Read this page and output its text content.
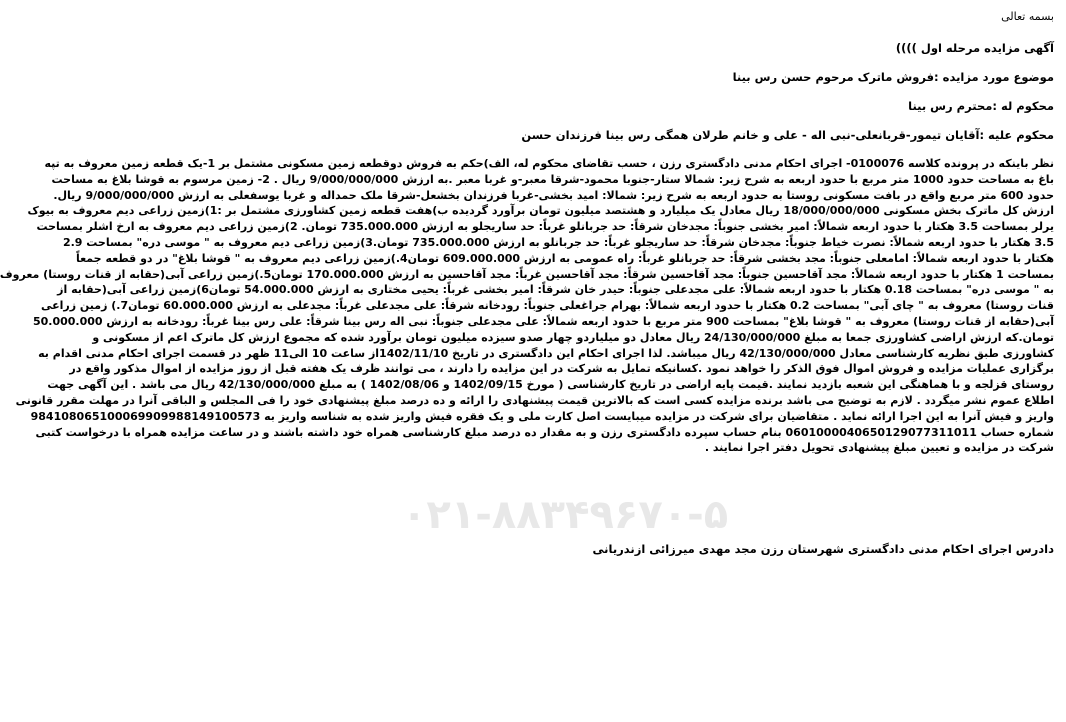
بسمه تعالی
آگهی مزایده مرحله اول ))))
موضوع مورد مزایده :فروش ماترک مرحوم حسن رس بینا
محکوم له :محترم رس بینا
محکوم علیه :آقایان تیمور-قربانعلی-نبی اله - علی و خانم طرلان همگی رس بینا فرزندان حسن
۰۲۱-۸۸۳۴۹۶۷۰-۵
نظر باینکه در پرونده کلاسه 0100076- اجرای احکام مدنی دادگستری رزن ، حسب تقاضای محکوم له، الف)حکم به فروش دوقطعه زمین مسکونی مشتمل بر 1-یک قطعه زمین معروف به تپه
باغ به مساحت حدود 1000 متر مربع با حدود اربعه به شرح زیر: شمالا ستار-جنوبا محمود-شرقا معبر-و غربا معبر .به ارزش 9/000/000/000 ریال . 2- زمین مرسوم به قوشا بلاغ به مساحت
حدود 600 متر مربع واقع در بافت مسکونی روستا به حدود اربعه به شرح زیر: شمالا: امید بخشی-غربا فرزندان بخشعل-شرقا ملک حمداله و غربا یوسفعلی به ارزش 9/000/000/000 ریال.
ارزش کل ماترک بخش مسکونی 18/000/000/000 ریال معادل یک میلیارد و هشتصد میلیون تومان برآورد گردیده ب)هفت قطعه زمین کشاورزی مشتمل بر :1)زمین زراعی دیم معروف به بیوک
یرلر بمساحت 3.5 هکتار با حدود اربعه شمالاً: امیر بخشی جنوباً: مجدخان شرقاً: حد جربانلو غرباً: حد ساریجلو به ارزش 735.000.000 تومان. 2)زمین زراعی دیم معروف به ارخ اشلر بمساحت
3.5 هکتار با حدود اربعه شمالاً: نصرت خیاط جنوباً: مجدخان شرقاً: حد ساریجلو غرباً: حد جربانلو به ارزش 735.000.000 تومان.3)زمین زراعی دیم معروف به " موسی دره" بمساحت 2.9
هکتار با حدود اربعه شمالاً: امامعلی جنوباً: مجد بخشی شرقاً: حد جربانلو غرباً: راه عمومی به ارزش 609.000.000 تومان4.)زمین زراعی دیم معروف به " قوشا بلاغ" در دو قطعه جمعاً
بمساحت 1 هکتار با حدود اربعه شمالاً: مجد آقاحسین جنوباً: مجد آقاحسین شرقاً: مجد آقاحسین غرباً: مجد آقاحسین به ارزش 170.000.000 تومان5.)زمین زراعی آبی(حقابه از قنات روستا) معروف
به " موسی دره" بمساحت 0.18 هکتار با حدود اربعه شمالاً: علی مجدعلی جنوباً: حیدر خان شرقاً: امیر بخشی غرباً: یحیی مختاری به ارزش 54.000.000 تومان6)زمین زراعی آبی(حقابه از
قنات روستا) معروف به " چای آبی" بمساحت 0.2 هکتار با حدود اربعه شمالاً: بهرام جراغعلی جنوباً: رودخانه شرقاً: علی مجدعلی غرباً: مجدعلی به ارزش 60.000.000 تومان7.) زمین زراعی
آبی(حقابه از قنات روستا) معروف به " قوشا بلاغ" بمساحت 900 متر مربع با حدود اربعه شمالاً: علی مجدعلی جنوباً: نبی اله رس بینا شرقاً: علی رس بینا غرباً: رودخانه به ارزش 50.000.000
تومان.که ارزش اراضی کشاورزی جمعا به مبلغ 24/130/000/000 ریال معادل دو میلیاردو چهار صدو سیزده میلیون تومان برآورد شده که مجموع ارزش کل ماترک اعم از مسکونی و
کشاورزی طبق نظریه کارشناسی معادل 42/130/000/000 ریال میباشد. لذا اجرای احکام این دادگستری در تاریخ 1402/11/10از ساعت 10 الی11 ظهر در قسمت اجرای احکام مدنی اقدام به
برگزاری عملیات مزایده و فروش اموال فوق الذکر را خواهد نمود .کسانیکه تمایل به شرکت در این مزایده را دارند ، می توانند ظرف یک هفته قبل از روز مزایده از اموال مذکور واقع در
روستای قزلجه و با هماهنگی این شعبه بازدید نمایند .قیمت پایه اراضی در تاریخ کارشناسی ( مورخ 1402/09/15 و 1402/08/06 ) به مبلغ 42/130/000/000 ریال می باشد . این آگهی جهت
اطلاع عموم نشر میگردد . لازم به توضیح می باشد برنده مزایده کسی است که بالاترین قیمت پیشنهادی را ارائه و ده درصد مبلغ پیشنهادی خود را فی المجلس و الباقی آنرا در مهلت مقرر قانونی
واریز و فیش آنرا به این اجرا ارائه نماید . متقاضیان برای شرکت در مزایده میبایست اصل کارت ملی و یک فقره فیش واریز شده به شناسه واریز به 984108065100069909988149100573
شماره حساب 0601000040650129077311011 بنام حساب سپرده دادگستری رزن و به مقدار ده درصد مبلغ کارشناسی همراه خود داشته باشند و در ساعت مزایده همراه با درخواست کتبی
شرکت در مزایده و تعیین مبلغ پیشنهادی تحویل دفتر اجرا نمایند .
دادرس اجرای احکام مدنی دادگستری شهرستان رزن مجد مهدی میرزائی ازندریانی
